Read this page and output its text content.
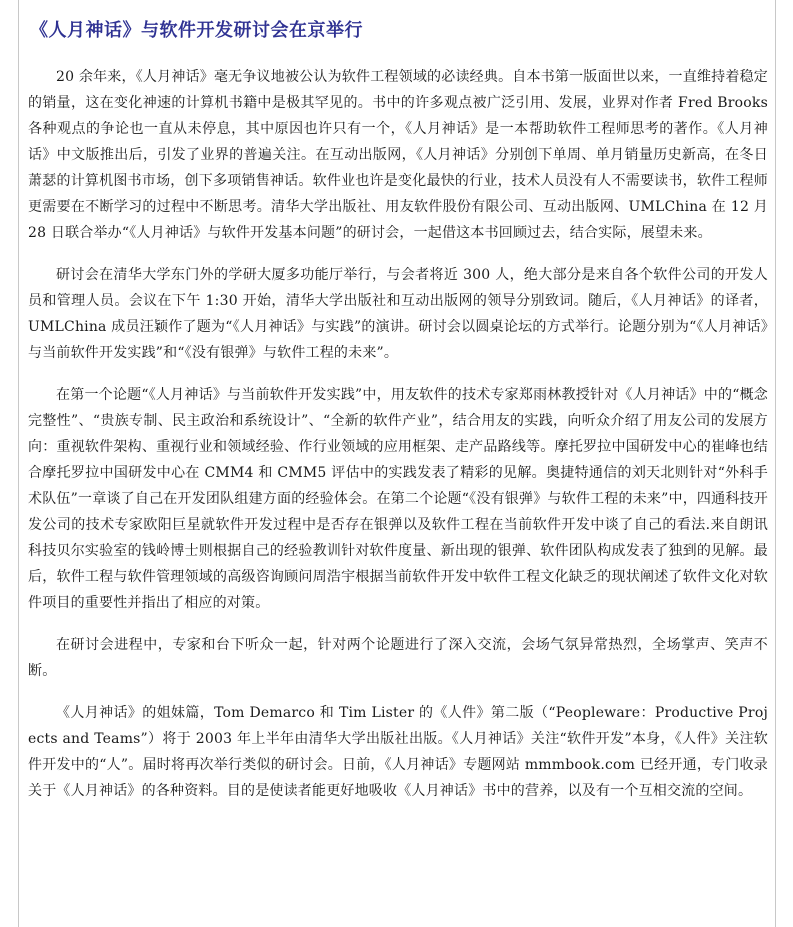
《人月神话》与软件开发研讨会在京举行

20 余年来，《人月神话》毫无争议地被公认为软件工程领域的必读经典。自本书第一版面世以来，一直维持着稳定的销量，这在变化神速的计算机书籍中是极其罕见的。书中的许多观点被广泛引用、发展，业界对作者 Fred Brooks 各种观点的争论也一直从未停息，其中原因也许只有一个，《人月神话》是一本帮助软件工程师思考的著作。《人月神话》中文版推出后，引发了业界的普遍关注。在互动出版网，《人月神话》分别创下单周、单月销量历史新高，在冬日萧瑟的计算机图书市场，创下多项销售神话。软件业也许是变化最快的行业，技术人员没有人不需要读书，软件工程师更需要在不断学习的过程中不断思考。清华大学出版社、用友软件股份有限公司、互动出版网、UMLChina 在 12 月 28 日联合举办“《人月神话》与软件开发基本问题”的研讨会，一起借这本书回顾过去，结合实际，展望未来。

研讨会在清华大学东门外的学研大厦多功能厅举行，与会者将近 300 人，绝大部分是来自各个软件公司的开发人员和管理人员。会议在下午 1:30 开始，清华大学出版社和互动出版网的领导分别致词。随后，《人月神话》的译者，UMLChina 成员汪颖作了题为“《人月神话》与实践”的演讲。研讨会以圆桌论坛的方式举行。论题分别为“《人月神话》与当前软件开发实践”和“《没有银弹》与软件工程的未来”。

在第一个论题“《人月神话》与当前软件开发实践”中，用友软件的技术专家郑雨林教授针对《人月神话》中的“概念完整性”、“贵族专制、民主政治和系统设计”、“全新的软件产业”，结合用友的实践，向听众介绍了用友公司的发展方向：重视软件架构、重视行业和领域经验、作行业领域的应用框架、走产品路线等。摩托罗拉中国研发中心的崔峰也结合摩托罗拉中国研发中心在 CMM4 和 CMM5 评估中的实践发表了精彩的见解。奥捷特通信的刘天北则针对“外科手术队伍”一章谈了自己在开发团队组建方面的经验体会。在第二个论题“《没有银弹》与软件工程的未来”中，四通科技开发公司的技术专家欧阳巨星就软件开发过程中是否存在银弹以及软件工程在当前软件开发中谈了自己的看法.来自朗讯科技贝尔实验室的钱岭博士则根据自己的经验教训针对软件度量、新出现的银弹、软件团队构成发表了独到的见解。最后，软件工程与软件管理领域的高级咨询顾问周浩宇根据当前软件开发中软件工程文化缺乏的现状阐述了软件文化对软件项目的重要性并指出了相应的对策。

在研讨会进程中，专家和台下听众一起，针对两个论题进行了深入交流，会场气氛异常热烈，全场掌声、笑声不断。

《人月神话》的姐妹篇，Tom Demarco 和 Tim Lister 的《人件》第二版（“Peopleware：Productive Projects and Teams”）将于 2003 年上半年由清华大学出版社出版。《人月神话》关注“软件开发”本身，《人件》关注软件开发中的“人”。届时将再次举行类似的研讨会。日前，《人月神话》专题网站 mmmbook.com 已经开通，专门收录关于《人月神话》的各种资料。目的是使读者能更好地吸收《人月神话》书中的营养，以及有一个互相交流的空间。
